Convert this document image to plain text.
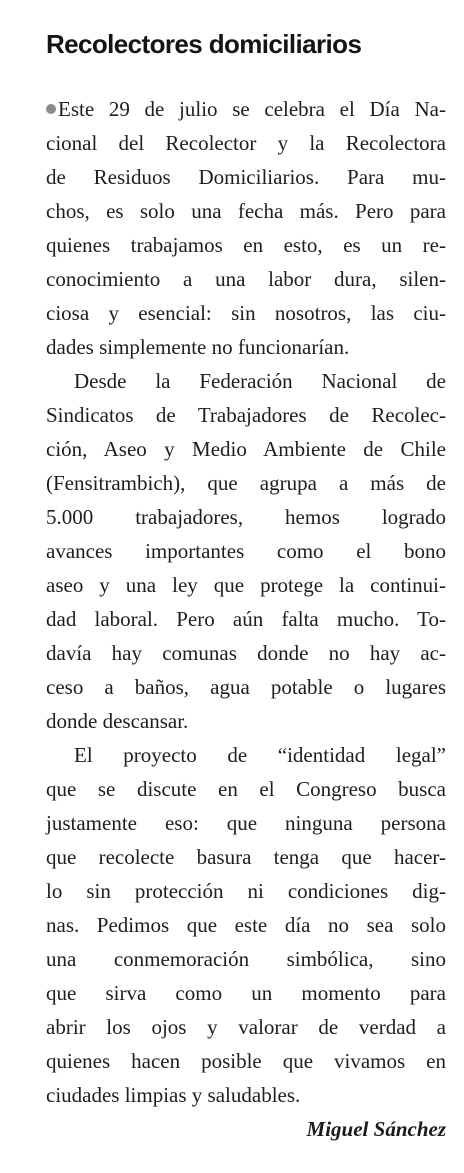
Recolectores domiciliarios

Este 29 de julio se celebra el Día Na-
cional del Recolector y la Recolectora
de Residuos Domiciliarios. Para mu-
chos, es solo una fecha más. Pero para
quienes trabajamos en esto, es un re-
conocimiento a una labor dura, silen-
ciosa y esencial: sin nosotros, las ciu-
dades simplemente no funcionarían.

Desde la Federación Nacional de
Sindicatos de Trabajadores de Recolec-
ción, Aseo y Medio Ambiente de Chile
(Fensitrambich), que agrupa a más de
5.000 trabajadores, hemos logrado
avances importantes como el bono
aseo y una ley que protege la continui-
dad laboral. Pero aún falta mucho. To-
davía hay comunas donde no hay ac-
ceso a baños, agua potable o lugares
donde descansar.

El proyecto de “identidad legal”
que se discute en el Congreso busca
justamente eso: que ninguna persona
que recolecte basura tenga que hacer-
lo sin protección ni condiciones dig-
nas. Pedimos que este día no sea solo
una conmemoración simbólica, sino
que sirva como un momento para
abrir los ojos y valorar de verdad a
quienes hacen posible que vivamos en
ciudades limpias y saludables.

Miguel Sánchez
